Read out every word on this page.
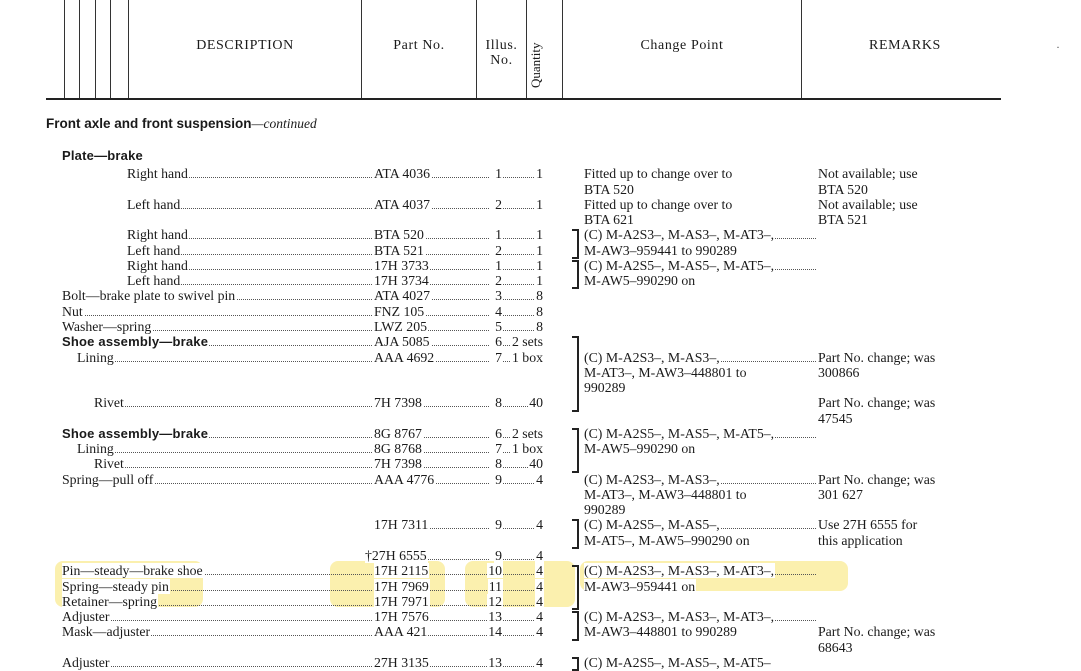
DESCRIPTION	Part No.	Illus.
No.	Quantity	Change Point	REMARKS	·
Front axle and front suspension—continued
Plate—brake
Right hand	ATA 4036	1 1	Fitted up to change over to	Not available; use
BTA 520	BTA 520
Left hand	ATA 4037	2 1	Fitted up to change over to	Not available; use
BTA 621	BTA 521
Right hand	BTA 520	1 1	(C) M-A2S3–, M-AS3–, M-AT3–,
Left hand	BTA 521	2 1	M-AW3–959441 to 990289
Right hand	17H 3733	1 1	(C) M-A2S5–, M-AS5–, M-AT5–,
Left hand	17H 3734	2 1	M-AW5–990290 on
Bolt—brake plate to swivel pin	ATA 4027	3 8
Nut	FNZ 105	4 8
Washer—spring	LWZ 205	5 8
Shoe assembly—brake	AJA 5085	6 2 sets
Lining	AAA 4692	7 1 box	(C) M-A2S3–, M-AS3–,	Part No. change; was
M-AT3–, M-AW3–448801 to	300866
990289
Rivet	7H 7398	8 40	Part No. change; was
47545
Shoe assembly—brake	8G 8767	6 2 sets	(C) M-A2S5–, M-AS5–, M-AT5–,
Lining	8G 8768	7 1 box	M-AW5–990290 on
Rivet	7H 7398	8 40
Spring—pull off	AAA 4776	9 4	(C) M-A2S3–, M-AS3–,	Part No. change; was
M-AT3–, M-AW3–448801 to	301 627
990289
17H 7311	9 4	(C) M-A2S5–, M-AS5–,	Use 27H 6555 for
M-AT5–, M-AW5–990290 on	this application
†27H 6555	9 4
Pin—steady—brake shoe	17H 2115	10 4	(C) M-A2S3–, M-AS3–, M-AT3–,
Spring—steady pin	17H 7969	11 4	M-AW3–959441 on
Retainer—spring	17H 7971	12 4
Adjuster	17H 7576	13 4	(C) M-A2S3–, M-AS3–, M-AT3–,
Mask—adjuster	AAA 421	14 4	M-AW3–448801 to 990289	Part No. change; was
68643
Adjuster	27H 3135	13 4	(C) M-A2S5–, M-AS5–, M-AT5–
